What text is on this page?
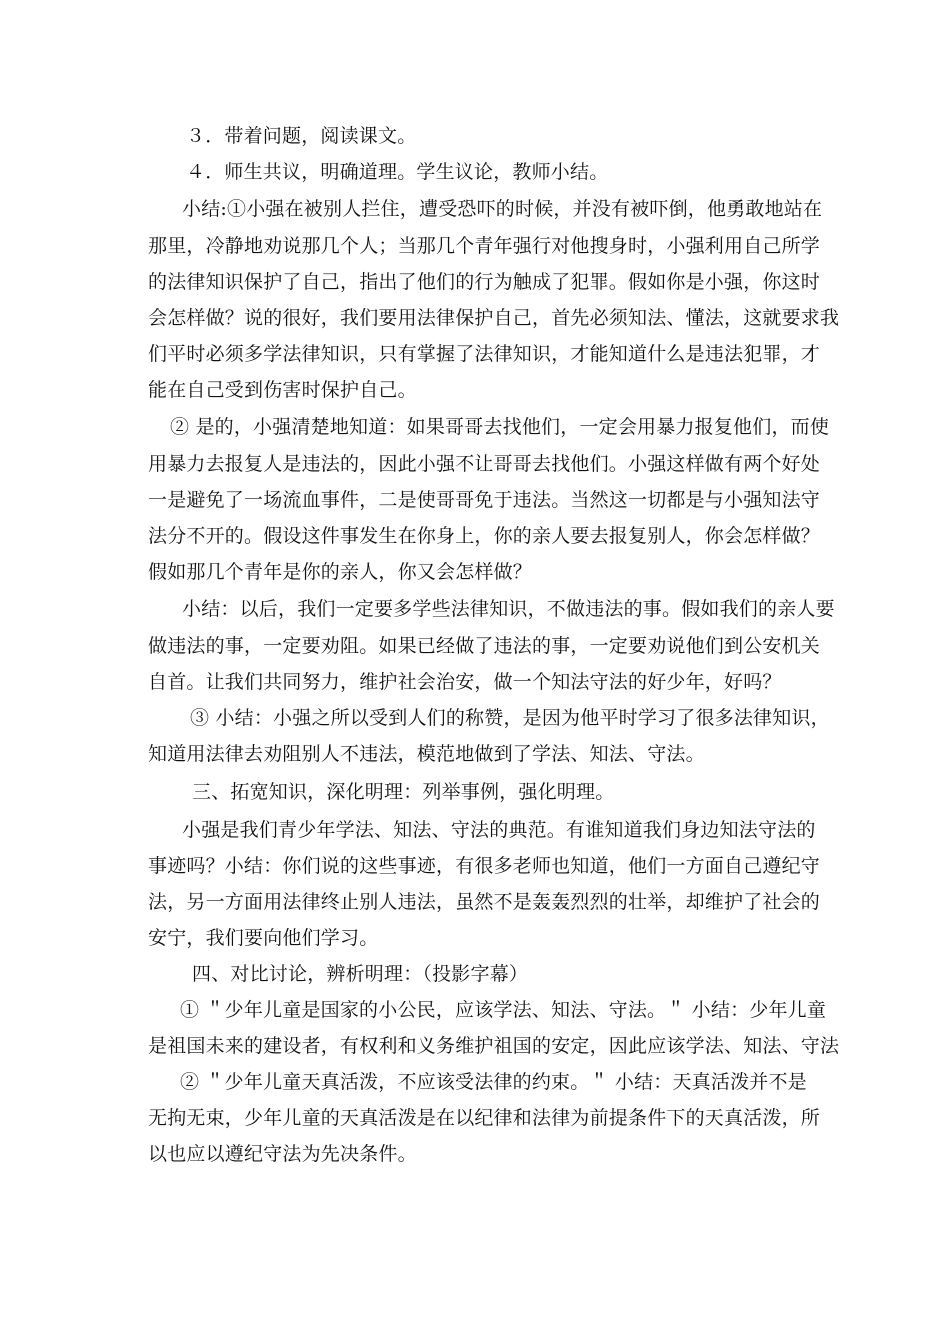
３．带着问题，阅读课文。
４．师生共议，明确道理。学生议论，教师小结。
小结:①小强在被别人拦住，遭受恐吓的时候，并没有被吓倒，他勇敢地站在
那里，冷静地劝说那几个人；当那几个青年强行对他搜身时，小强利用自己所学
的法律知识保护了自己，指出了他们的行为触成了犯罪。假如你是小强，你这时
会怎样做？说的很好，我们要用法律保护自己，首先必须知法、懂法，这就要求我
们平时必须多学法律知识，只有掌握了法律知识，才能知道什么是违法犯罪，才
能在自己受到伤害时保护自己。
② 是的，小强清楚地知道：如果哥哥去找他们，一定会用暴力报复他们，而使
用暴力去报复人是违法的，因此小强不让哥哥去找他们。小强这样做有两个好处
一是避免了一场流血事件，二是使哥哥免于违法。当然这一切都是与小强知法守
法分不开的。假设这件事发生在你身上，你的亲人要去报复别人，你会怎样做？
假如那几个青年是你的亲人，你又会怎样做？
小结：以后，我们一定要多学些法律知识，不做违法的事。假如我们的亲人要
做违法的事，一定要劝阻。如果已经做了违法的事，一定要劝说他们到公安机关
自首。让我们共同努力，维护社会治安，做一个知法守法的好少年，好吗？
③ 小结：小强之所以受到人们的称赞，是因为他平时学习了很多法律知识，
知道用法律去劝阻别人不违法，模范地做到了学法、知法、守法。
三、拓宽知识，深化明理：列举事例，强化明理。
小强是我们青少年学法、知法、守法的典范。有谁知道我们身边知法守法的
事迹吗？小结：你们说的这些事迹，有很多老师也知道，他们一方面自己遵纪守
法，另一方面用法律终止别人违法，虽然不是轰轰烈烈的壮举，却维护了社会的
安宁，我们要向他们学习。
四、对比讨论，辨析明理：（投影字幕）
① ＂少年儿童是国家的小公民，应该学法、知法、守法。＂ 小结：少年儿童
是祖国未来的建设者，有权利和义务维护祖国的安定，因此应该学法、知法、守法
② ＂少年儿童天真活泼，不应该受法律的约束。＂ 小结：天真活泼并不是
无拘无束，少年儿童的天真活泼是在以纪律和法律为前提条件下的天真活泼，所
以也应以遵纪守法为先决条件。
